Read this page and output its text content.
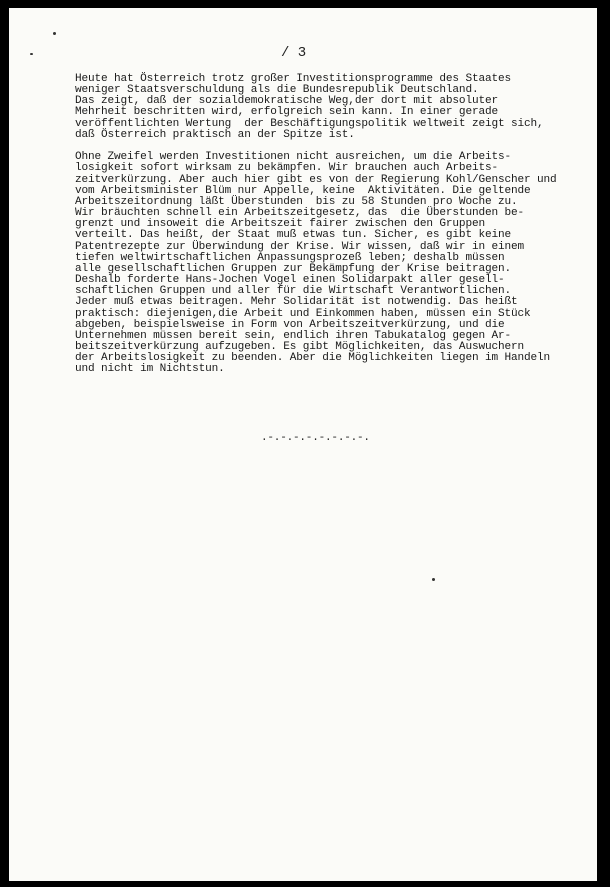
/ 3

Heute hat Österreich trotz großer Investitionsprogramme des Staates
weniger Staatsverschuldung als die Bundesrepublik Deutschland.
Das zeigt, daß der sozialdemokratische Weg,der dort mit absoluter
Mehrheit beschritten wird, erfolgreich sein kann. In einer gerade
veröffentlichten Wertung  der Beschäftigungspolitik weltweit zeigt sich,
daß Österreich praktisch an der Spitze ist.

Ohne Zweifel werden Investitionen nicht ausreichen, um die Arbeits-
losigkeit sofort wirksam zu bekämpfen. Wir brauchen auch Arbeits-
zeitverkürzung. Aber auch hier gibt es von der Regierung Kohl/Genscher und
vom Arbeitsminister Blüm nur Appelle, keine  Aktivitäten. Die geltende
Arbeitszeitordnung läßt Überstunden  bis zu 58 Stunden pro Woche zu.
Wir bräuchten schnell ein Arbeitszeitgesetz, das  die Überstunden be-
grenzt und insoweit die Arbeitszeit fairer zwischen den Gruppen
verteilt. Das heißt, der Staat muß etwas tun. Sicher, es gibt keine
Patentrezepte zur Überwindung der Krise. Wir wissen, daß wir in einem
tiefen weltwirtschaftlichen Anpassungsprozeß leben; deshalb müssen
alle gesellschaftlichen Gruppen zur Bekämpfung der Krise beitragen.
Deshalb forderte Hans-Jochen Vogel einen Solidarpakt aller gesell-
schaftlichen Gruppen und aller für die Wirtschaft Verantwortlichen.
Jeder muß etwas beitragen. Mehr Solidarität ist notwendig. Das heißt
praktisch: diejenigen,die Arbeit und Einkommen haben, müssen ein Stück
abgeben, beispielsweise in Form von Arbeitszeitverkürzung, und die
Unternehmen müssen bereit sein, endlich ihren Tabukatalog gegen Ar-
beitszeitverkürzung aufzugeben. Es gibt Möglichkeiten, das Auswuchern
der Arbeitslosigkeit zu beenden. Aber die Möglichkeiten liegen im Handeln
und nicht im Nichtstun.

.-.-.-.-.-.-.-.-.
